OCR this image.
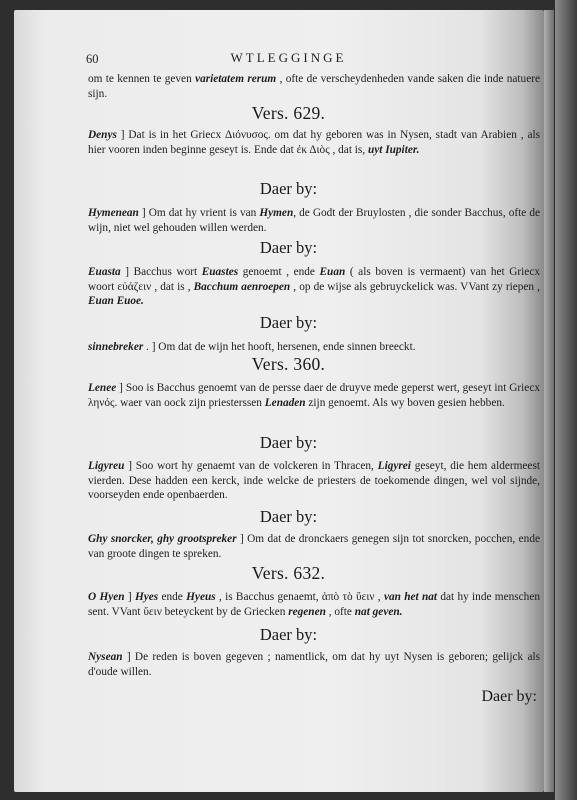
60	WTLEGGINGE
om te kennen te geven varietatem rerum , ofte de verscheydenheden vande saken die inde natuere sijn.
Vers. 629.
Denys ] Dat is in het Griecx Διόνυσος. om dat hy geboren was in Nysen, stadt van Arabien , als hier vooren inden beginne geseyt is. Ende dat ἐκ Διὸς , dat is, uyt Iupiter.
Daer by:
Hymenean ] Om dat hy vrient is van Hymen, de Godt der Bruylosten , die sonder Bacchus, ofte de wijn, niet wel gehouden willen werden.
Daer by:
Euasta ] Bacchus wort Euastes genoemt , ende Euan ( als boven is vermaent) van het Griecx woort εὐάζειν , dat is , Bacchum aenroepen , op de wijse als gebruyckelick was. VVant zy riepen , Euan Euoe.
Daer by:
sinnebreker . ] Om dat de wijn het hooft, hersenen, ende sinnen breeckt.
Vers. 360.
Lenee ] Soo is Bacchus genoemt van de persse daer de druyve mede geperst wert, geseyt int Griecx ληνός. waer van oock zijn priesterssen Lenaden zijn genoemt. Als wy boven gesien hebben.
Daer by:
Ligyreu ] Soo wort hy genaemt van de volckeren in Thracen, Ligyrei geseyt, die hem aldermeest vierden. Dese hadden een kerck, inde welcke de priesters de toekomende dingen, wel vol sijnde, voorseyden ende openbaerden.
Daer by:
Ghy snorcker, ghy grootspreker ] Om dat de dronckaers genegen sijn tot snorcken, pocchen, ende van groote dingen te spreken.
Vers. 632.
O Hyen ] Hyes ende Hyeus , is Bacchus genaemt, ἀπὸ τὸ ὕειν , van het nat dat hy inde menschen sent. VVant ὕειν beteyckent by de Griecken regenen , ofte nat geven.
Daer by:
Nysean ] De reden is boven gegeven ; namentlick, om dat hy uyt Nysen is geboren; gelijck als d'oude willen.
Daer by:
